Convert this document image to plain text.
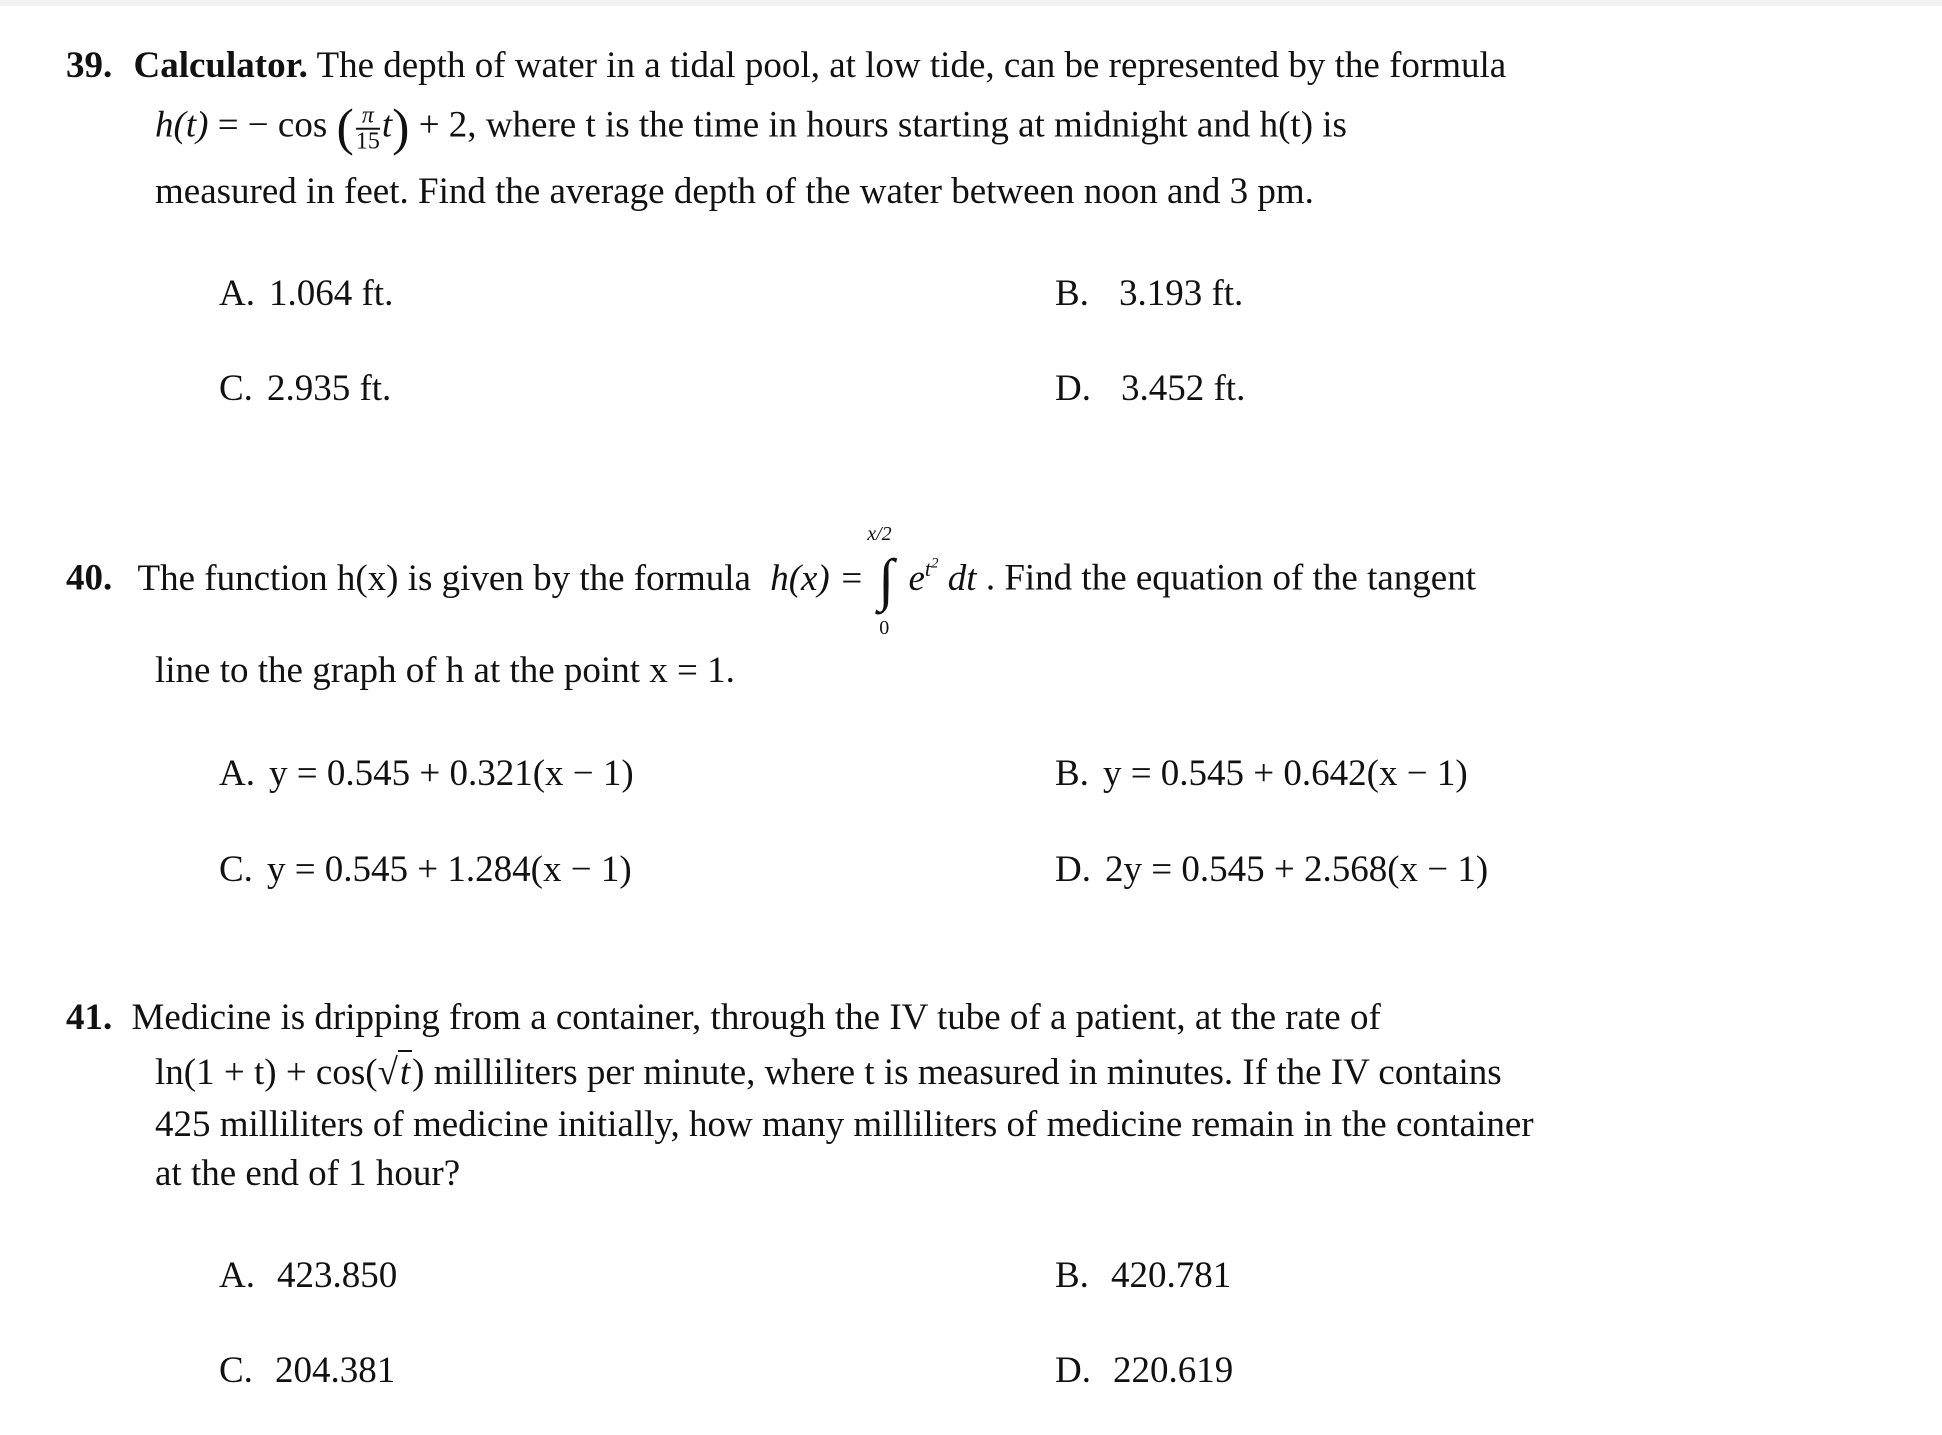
39. Calculator. The depth of water in a tidal pool, at low tide, can be represented by the formula
h(t) = − cos ( $\frac{\pi}{15} t) + 2$, where t is the time in hours starting at midnight and h(t) is
measured in feet. Find the average depth of the water between noon and 3 pm.
A. 1.064 ft.	B. 3.193 ft.
C. 2.935 ft.	D. 3.452 ft.
40. The function h(x) is given by the formula h(x) = ∫
x/2
0
$e^{t^2}$ dt . Find the equation of the tangent
line to the graph of h at the point x = 1.
A. y = 0.545 + 0.321(x − 1)	B. y = 0.545 + 0.642(x − 1)
C. y = 0.545 + 1.284(x − 1)	D. 2y = 0.545 + 2.568(x − 1)
41. Medicine is dripping from a container, through the IV tube of a patient, at the rate of
ln(1 + t) + cos(√t) milliliters per minute, where t is measured in minutes. If the IV contains
425 milliliters of medicine initially, how many milliliters of medicine remain in the container
at the end of 1 hour?
A. 423.850	B. 420.781
C. 204.381	D. 220.619
